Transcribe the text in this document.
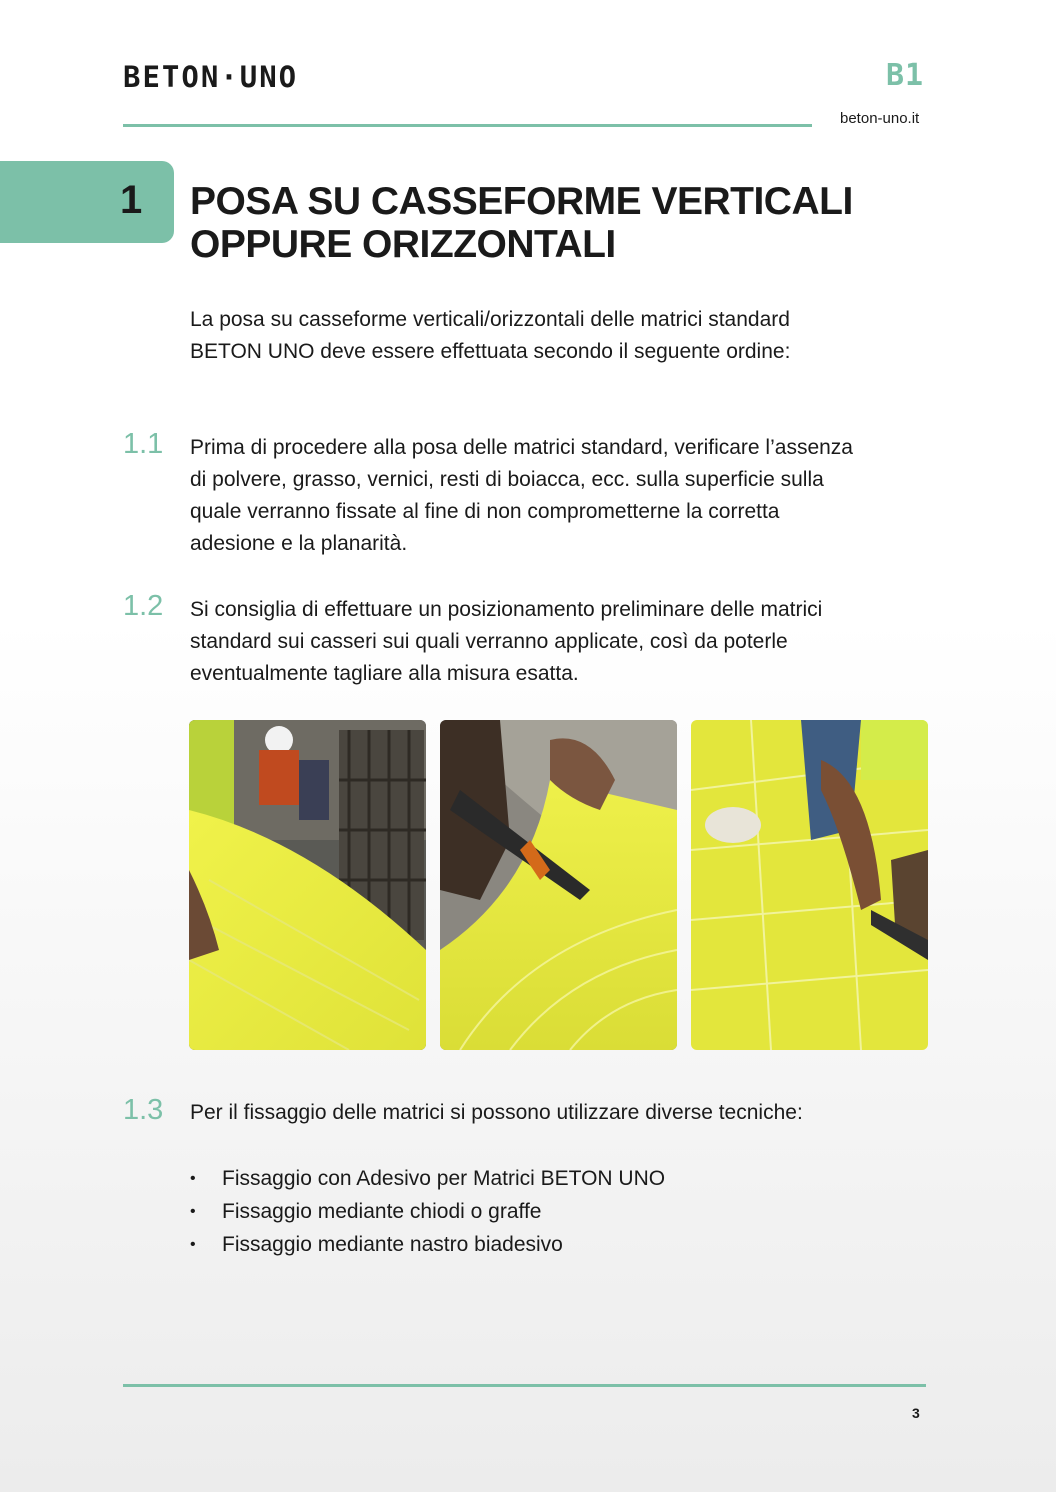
BETON·UNO	B1
beton-uno.it
1 POSA SU CASSEFORME VERTICALI
OPPURE ORIZZONTALI
La posa su casseforme verticali/orizzontali delle matrici standard
BETON UNO deve essere effettuata secondo il seguente ordine:
1.1 Prima di procedere alla posa delle matrici standard, verificare l’assenza
di polvere, grasso, vernici, resti di boiacca, ecc. sulla superficie sulla
quale verranno fissate al fine di non comprometterne la corretta
adesione e la planarità.
1.2 Si consiglia di effettuare un posizionamento preliminare delle matrici
standard sui casseri sui quali verranno applicate, così da poterle
eventualmente tagliare alla misura esatta.
1.3 Per il fissaggio delle matrici si possono utilizzare diverse tecniche:
• Fissaggio con Adesivo per Matrici BETON UNO
• Fissaggio mediante chiodi o graffe
• Fissaggio mediante nastro biadesivo
3
